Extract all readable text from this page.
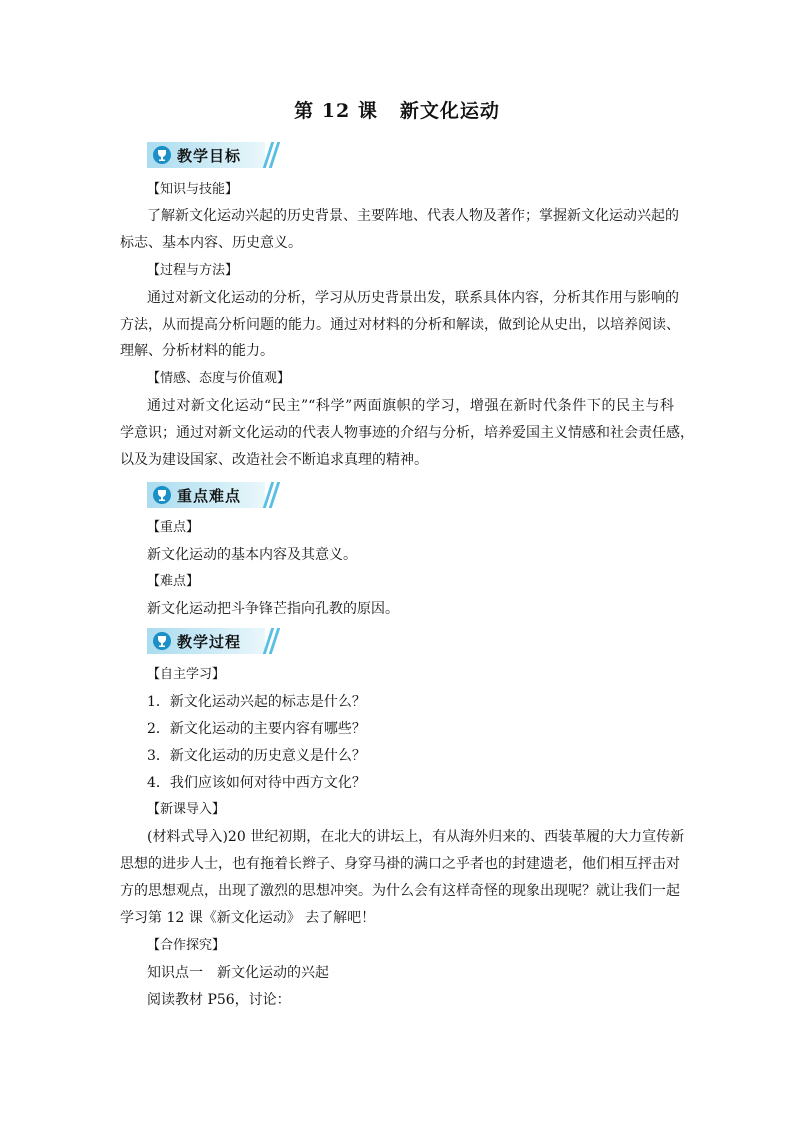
第 12 课 新文化运动
教学目标
【知识与技能】
了解新文化运动兴起的历史背景、主要阵地、代表人物及著作；掌握新文化运动兴起的
标志、基本内容、历史意义。
【过程与方法】
通过对新文化运动的分析，学习从历史背景出发，联系具体内容，分析其作用与影响的
方法，从而提高分析问题的能力。通过对材料的分析和解读，做到论从史出，以培养阅读、
理解、分析材料的能力。
【情感、态度与价值观】
通过对新文化运动“民主”“科学”两面旗帜的学习，增强在新时代条件下的民主与科
学意识；通过对新文化运动的代表人物事迹的介绍与分析，培养爱国主义情感和社会责任感，
以及为建设国家、改造社会不断追求真理的精神。
重点难点
【重点】
新文化运动的基本内容及其意义。
【难点】
新文化运动把斗争锋芒指向孔教的原因。
教学过程
【自主学习】
1．新文化运动兴起的标志是什么？
2．新文化运动的主要内容有哪些？
3．新文化运动的历史意义是什么？
4．我们应该如何对待中西方文化？
【新课导入】
(材料式导入)20 世纪初期，在北大的讲坛上，有从海外归来的、西装革履的大力宣传新
思想的进步人士，也有拖着长辫子、身穿马褂的满口之乎者也的封建遗老，他们相互抨击对
方的思想观点，出现了激烈的思想冲突。为什么会有这样奇怪的现象出现呢？就让我们一起
学习第 12 课《新文化运动》 去了解吧！
【合作探究】
知识点一　新文化运动的兴起
阅读教材 P56，讨论：
